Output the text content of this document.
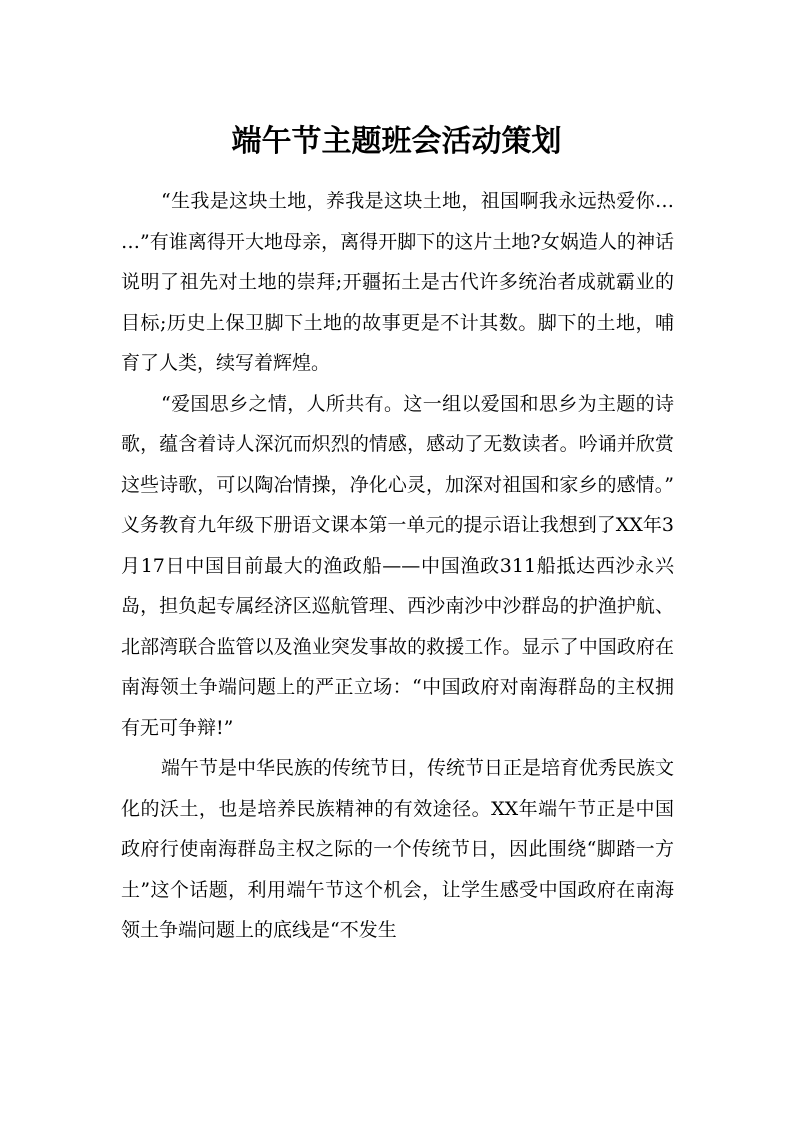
端午节主题班会活动策划

“生我是这块土地，养我是这块土地，祖国啊我永远热爱你……”有谁离得开大地母亲，离得开脚下的这片土地?女娲造人的神话说明了祖先对土地的崇拜;开疆拓土是古代许多统治者成就霸业的目标;历史上保卫脚下土地的故事更是不计其数。脚下的土地，哺育了人类，续写着辉煌。

“爱国思乡之情，人所共有。这一组以爱国和思乡为主题的诗歌，蕴含着诗人深沉而炽烈的情感，感动了无数读者。吟诵并欣赏这些诗歌，可以陶冶情操，净化心灵，加深对祖国和家乡的感情。”义务教育九年级下册语文课本第一单元的提示语让我想到了XX年3月17日中国目前最大的渔政船——中国渔政311船抵达西沙永兴岛，担负起专属经济区巡航管理、西沙南沙中沙群岛的护渔护航、北部湾联合监管以及渔业突发事故的救援工作。显示了中国政府在南海领土争端问题上的严正立场：“中国政府对南海群岛的主权拥有无可争辩!”

端午节是中华民族的传统节日，传统节日正是培育优秀民族文化的沃土，也是培养民族精神的有效途径。XX年端午节正是中国政府行使南海群岛主权之际的一个传统节日，因此围绕“脚踏一方土”这个话题，利用端午节这个机会，让学生感受中国政府在南海领土争端问题上的底线是“不发生
